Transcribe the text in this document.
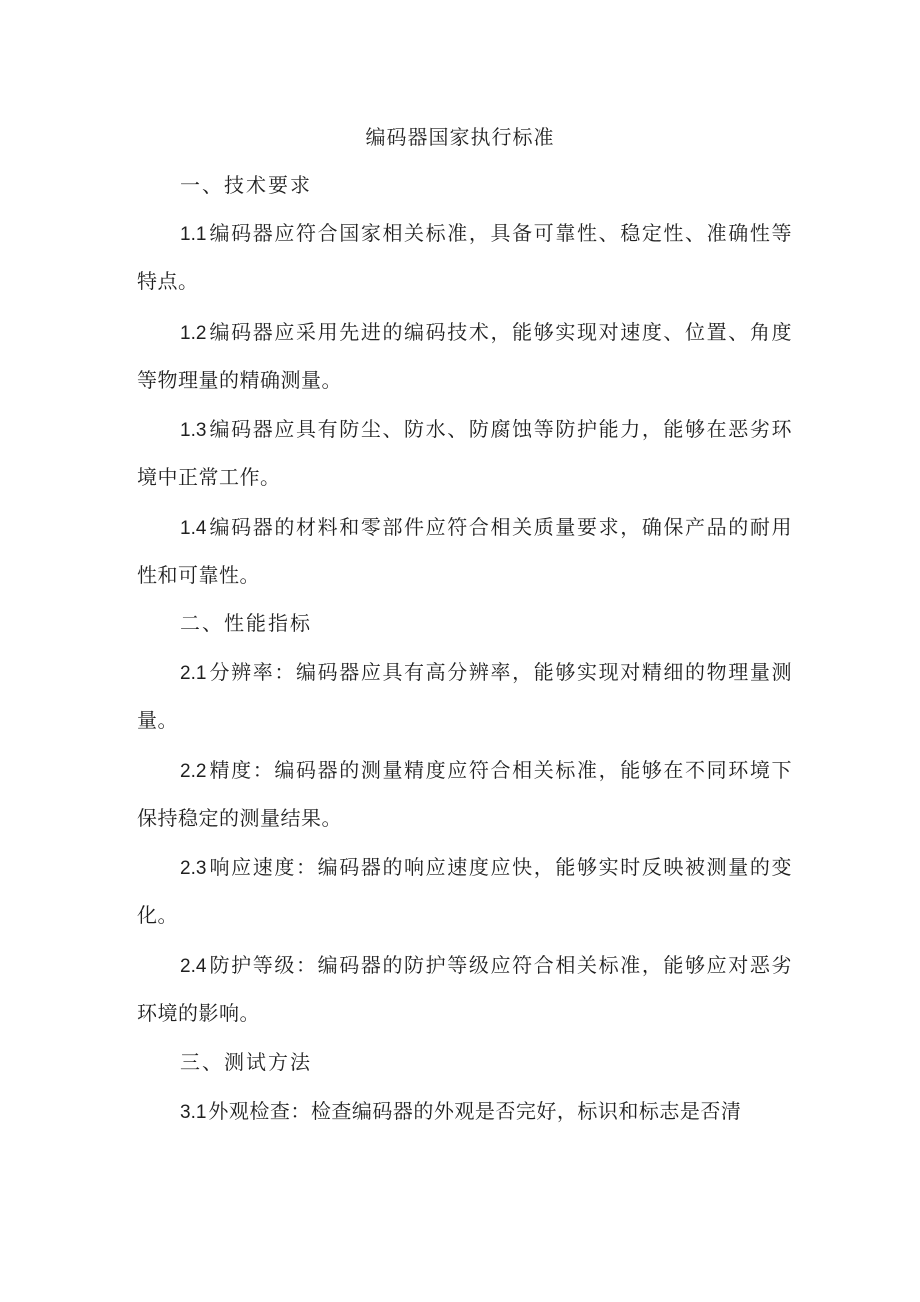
编码器国家执行标准

一、技术要求

1.1 编码器应符合国家相关标准，具备可靠性、稳定性、准确性等

特点。

1.2 编码器应采用先进的编码技术，能够实现对速度、位置、角度

等物理量的精确测量。

1.3 编码器应具有防尘、防水、防腐蚀等防护能力，能够在恶劣环

境中正常工作。

1.4 编码器的材料和零部件应符合相关质量要求，确保产品的耐用

性和可靠性。

二、性能指标

2.1 分辨率：编码器应具有高分辨率，能够实现对精细的物理量测

量。

2.2 精度：编码器的测量精度应符合相关标准，能够在不同环境下

保持稳定的测量结果。

2.3 响应速度：编码器的响应速度应快，能够实时反映被测量的变

化。

2.4 防护等级：编码器的防护等级应符合相关标准，能够应对恶劣

环境的影响。

三、测试方法

3.1 外观检查：检查编码器的外观是否完好，标识和标志是否清
